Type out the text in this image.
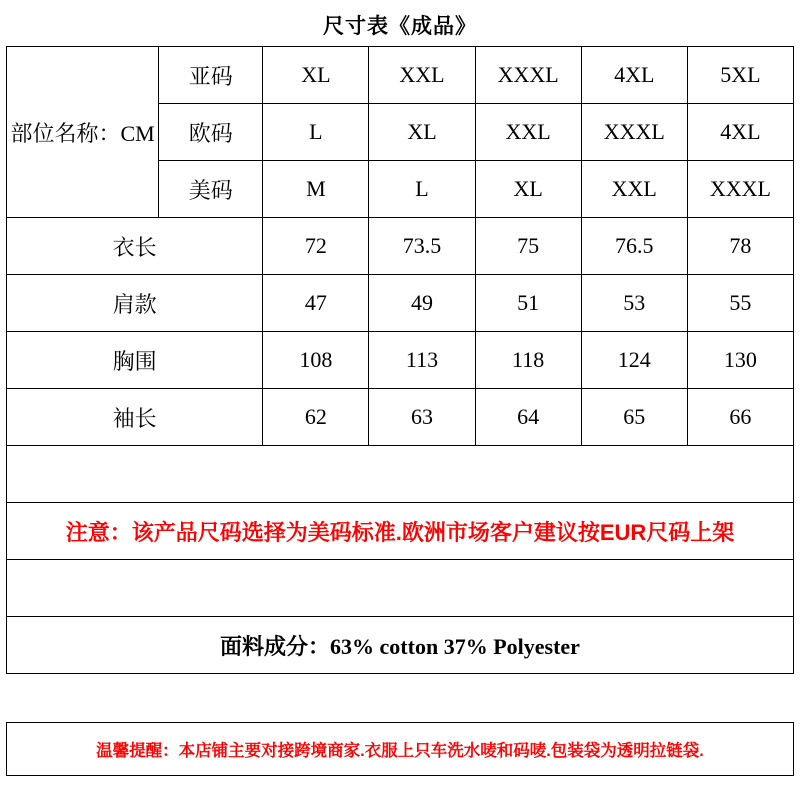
尺寸表《成品》
部位名称：CM	亚码	XL	XXL	XXXL	4XL	5XL
	欧码	L	XL	XXL	XXXL	4XL
	美码	M	L	XL	XXL	XXXL
衣长		72	73.5	75	76.5	78
肩款		47	49	51	53	55
胸围		108	113	118	124	130
袖长		62	63	64	65	66

注意：该产品尺码选择为美码标准.欧洲市场客户建议按EUR尺码上架						

面料成分：63% cotton 37% Polyester						
温馨提醒：本店铺主要对接跨境商家.衣服上只车洗水唛和码唛.包装袋为透明拉链袋.
